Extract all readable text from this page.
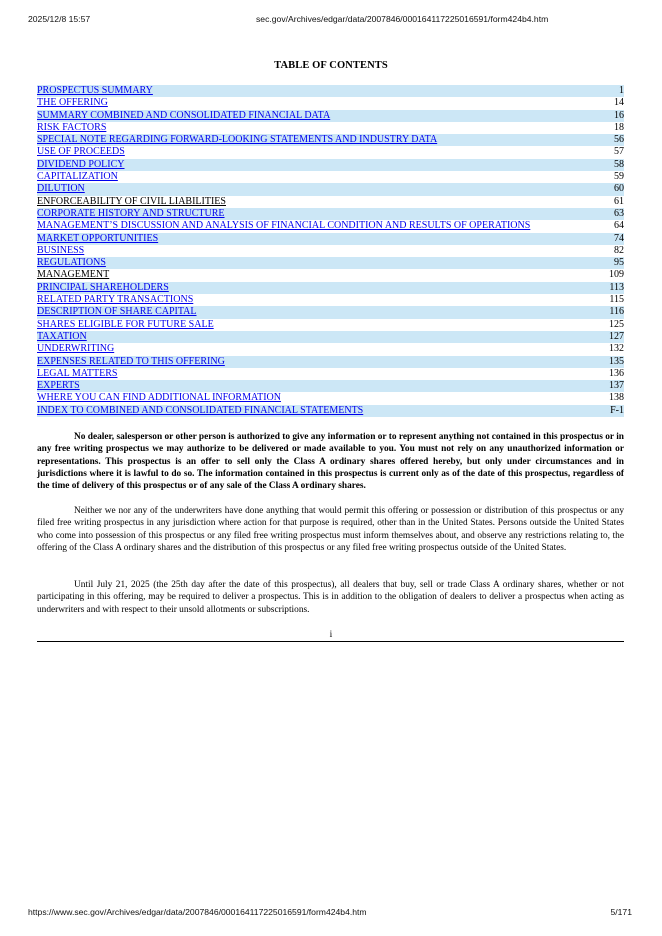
2025/12/8 15:57	sec.gov/Archives/edgar/data/2007846/000164117225016591/form424b4.htm
TABLE OF CONTENTS
PROSPECTUS SUMMARY	1
THE OFFERING	14
SUMMARY COMBINED AND CONSOLIDATED FINANCIAL DATA	16
RISK FACTORS	18
SPECIAL NOTE REGARDING FORWARD-LOOKING STATEMENTS AND INDUSTRY DATA	56
USE OF PROCEEDS	57
DIVIDEND POLICY	58
CAPITALIZATION	59
DILUTION	60
ENFORCEABILITY OF CIVIL LIABILITIES	61
CORPORATE HISTORY AND STRUCTURE	63
MANAGEMENT’S DISCUSSION AND ANALYSIS OF FINANCIAL CONDITION AND RESULTS OF OPERATIONS	64
MARKET OPPORTUNITIES	74
BUSINESS	82
REGULATIONS	95
MANAGEMENT	109
PRINCIPAL SHAREHOLDERS	113
RELATED PARTY TRANSACTIONS	115
DESCRIPTION OF SHARE CAPITAL	116
SHARES ELIGIBLE FOR FUTURE SALE	125
TAXATION	127
UNDERWRITING	132
EXPENSES RELATED TO THIS OFFERING	135
LEGAL MATTERS	136
EXPERTS	137
WHERE YOU CAN FIND ADDITIONAL INFORMATION	138
INDEX TO COMBINED AND CONSOLIDATED FINANCIAL STATEMENTS	F-1

No dealer, salesperson or other person is authorized to give any information or to represent anything not contained in this prospectus or in any free writing prospectus we may authorize to be delivered or made available to you. You must not rely on any unauthorized information or representations. This prospectus is an offer to sell only the Class A ordinary shares offered hereby, but only under circumstances and in jurisdictions where it is lawful to do so. The information contained in this prospectus is current only as of the date of this prospectus, regardless of the time of delivery of this prospectus or of any sale of the Class A ordinary shares.

Neither we nor any of the underwriters have done anything that would permit this offering or possession or distribution of this prospectus or any filed free writing prospectus in any jurisdiction where action for that purpose is required, other than in the United States. Persons outside the United States who come into possession of this prospectus or any filed free writing prospectus must inform themselves about, and observe any restrictions relating to, the offering of the Class A ordinary shares and the distribution of this prospectus or any filed free writing prospectus outside of the United States.

Until July 21, 2025 (the 25th day after the date of this prospectus), all dealers that buy, sell or trade Class A ordinary shares, whether or not participating in this offering, may be required to deliver a prospectus. This is in addition to the obligation of dealers to deliver a prospectus when acting as underwriters and with respect to their unsold allotments or subscriptions.

i
https://www.sec.gov/Archives/edgar/data/2007846/000164117225016591/form424b4.htm	5/171
